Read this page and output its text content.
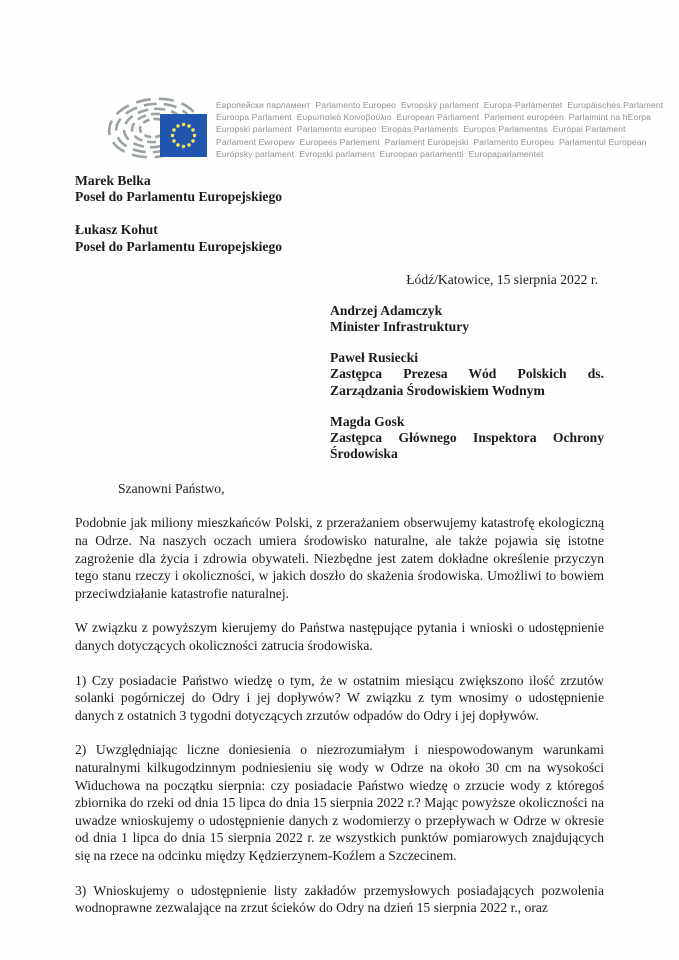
Европейски парламент  Parlamento Europeo  Evropský parlament  Europa-Parlamentet  Europäisches Parlament
Euroopa Parlament  Ευρωπαϊκό Κοινοβούλιο  European Parliament  Parlement européen  Parlaimint na hEorpa
Europski parlament  Parlamento europeo  Eiropas Parlaments  Europos Parlamentas  Európai Parlament
Parlament Ewropew  Europees Parlement  Parlament Europejski  Parlamento Europeu  Parlamentul European
Európsky parlament  Evropski parlament  Euroopan parlamentti  Europaparlamentet
Marek Belka
Poseł do Parlamentu Europejskiego
Łukasz Kohut
Poseł do Parlamentu Europejskiego
Łódź/Katowice, 15 sierpnia 2022 r.
Andrzej Adamczyk
Minister Infrastruktury
Paweł Rusiecki
Zastępca Prezesa Wód Polskich ds. Zarządzania Środowiskiem Wodnym
Magda Gosk
Zastępca Głównego Inspektora Ochrony Środowiska
Szanowni Państwo,

Podobnie jak miliony mieszkańców Polski, z przerażaniem obserwujemy katastrofę ekologiczną na Odrze. Na naszych oczach umiera środowisko naturalne, ale także pojawia się istotne zagrożenie dla życia i zdrowia obywateli. Niezbędne jest zatem dokładne określenie przyczyn tego stanu rzeczy i okoliczności, w jakich doszło do skażenia środowiska. Umożliwi to bowiem przeciwdziałanie katastrofie naturalnej.

W związku z powyższym kierujemy do Państwa następujące pytania i wnioski o udostępnienie danych dotyczących okoliczności zatrucia środowiska.

1) Czy posiadacie Państwo wiedzę o tym, że w ostatnim miesiącu zwiększono ilość zrzutów solanki pogórniczej do Odry i jej dopływów? W związku z tym wnosimy o udostępnienie danych z ostatnich 3 tygodni dotyczących zrzutów odpadów do Odry i jej dopływów.

2) Uwzględniając liczne doniesienia o niezrozumiałym i niespowodowanym warunkami naturalnymi kilkugodzinnym podniesieniu się wody w Odrze na około 30 cm na wysokości Widuchowa na początku sierpnia: czy posiadacie Państwo wiedzę o zrzucie wody z któregoś zbiornika do rzeki od dnia 15 lipca do dnia 15 sierpnia 2022 r.? Mając powyższe okoliczności na uwadze wnioskujemy o udostępnienie danych z wodomierzy o przepływach w Odrze w okresie od dnia 1 lipca do dnia 15 sierpnia 2022 r. ze wszystkich punktów pomiarowych znajdujących się na rzece na odcinku między Kędzierzynem-Koźlem a Szczecinem.

3) Wnioskujemy o udostępnienie listy zakładów przemysłowych posiadających pozwolenia wodnoprawne zezwalające na zrzut ścieków do Odry na dzień 15 sierpnia 2022 r., oraz
